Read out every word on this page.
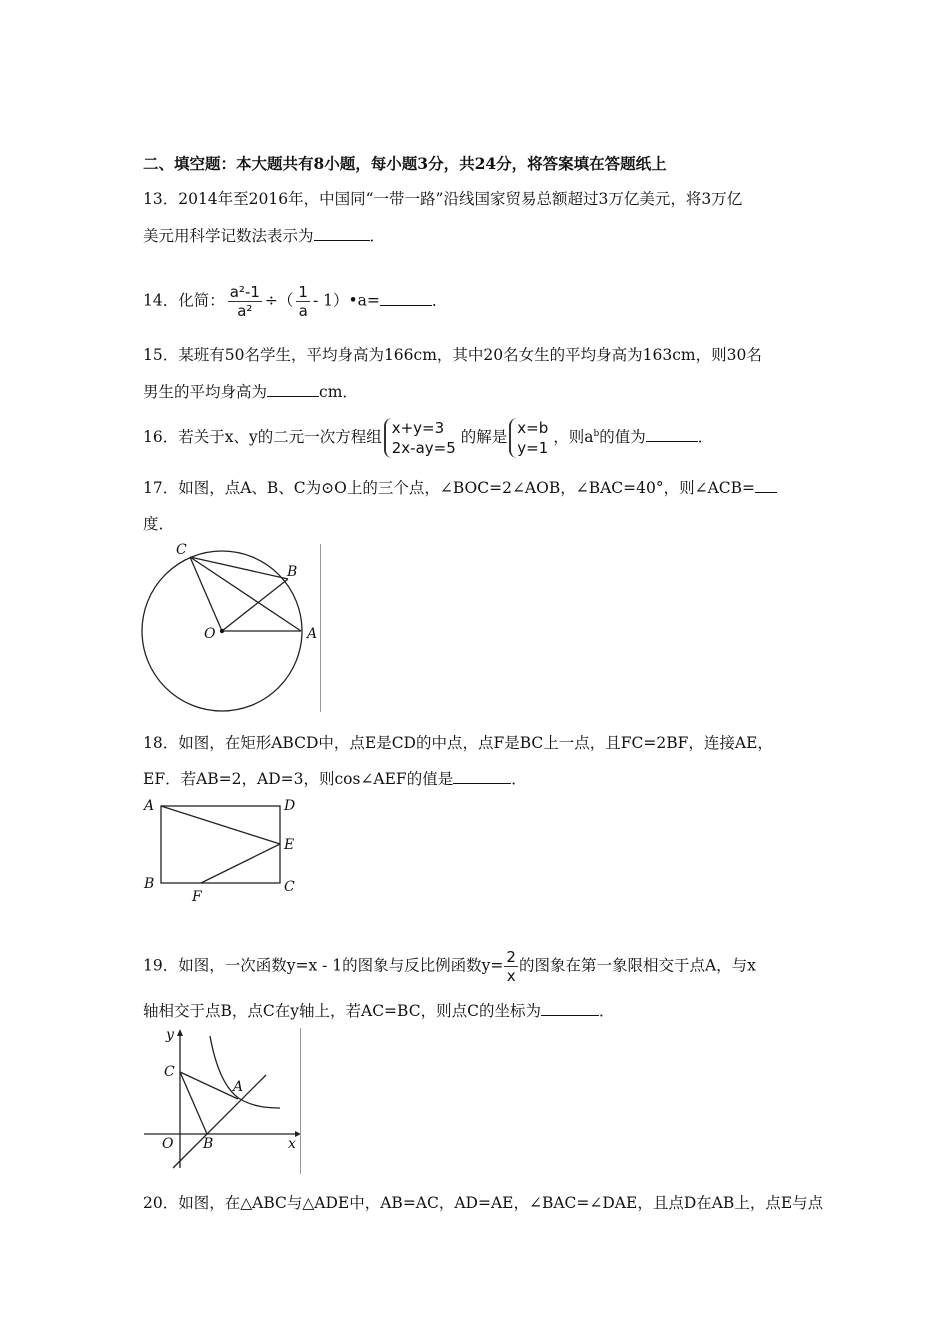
二、填空题：本大题共有8小题，每小题3分，共24分，将答案填在答题纸上
13．2014年至2016年，中国同“一带一路”沿线国家贸易总额超过3万亿美元，将3万亿
美元用科学记数法表示为	．
14．化简： $\frac{\text{a²-1}}{\text{a²}}$ ÷（ $\frac{1}{a}$ - 1）•a=	．
15．某班有50名学生，平均身高为166cm，其中20名女生的平均身高为163cm，则30名
男生的平均身高为	cm．
16．若关于x、y的二元一次方程组 x+y=3
2x-ay=5
的解是 x=b
y=1
，则$a^b$的值为	．
17．如图，点A、B、C为⊙O上的三个点，∠BOC=2∠AOB，∠BAC=40°，则∠ACB=
度．
C
B
O	A
18．如图，在矩形ABCD中，点E是CD的中点，点F是BC上一点，且FC=2BF，连接AE，
EF．若AB=2，AD=3，则cos∠AEF的值是	．
A	D
E
B
F
C
19．如图，一次函数y=x - 1的图象与反比例函数$y= \frac{2}{x}$ 的图象在第一象限相交于点A，与x
轴相交于点B，点C在y轴上，若AC=BC，则点C的坐标为	．
y
x
O B
C
A
20．如图，在△ABC与△ADE中，AB=AC，AD=AE，∠BAC=∠DAE，且点D在AB上，点E与点
